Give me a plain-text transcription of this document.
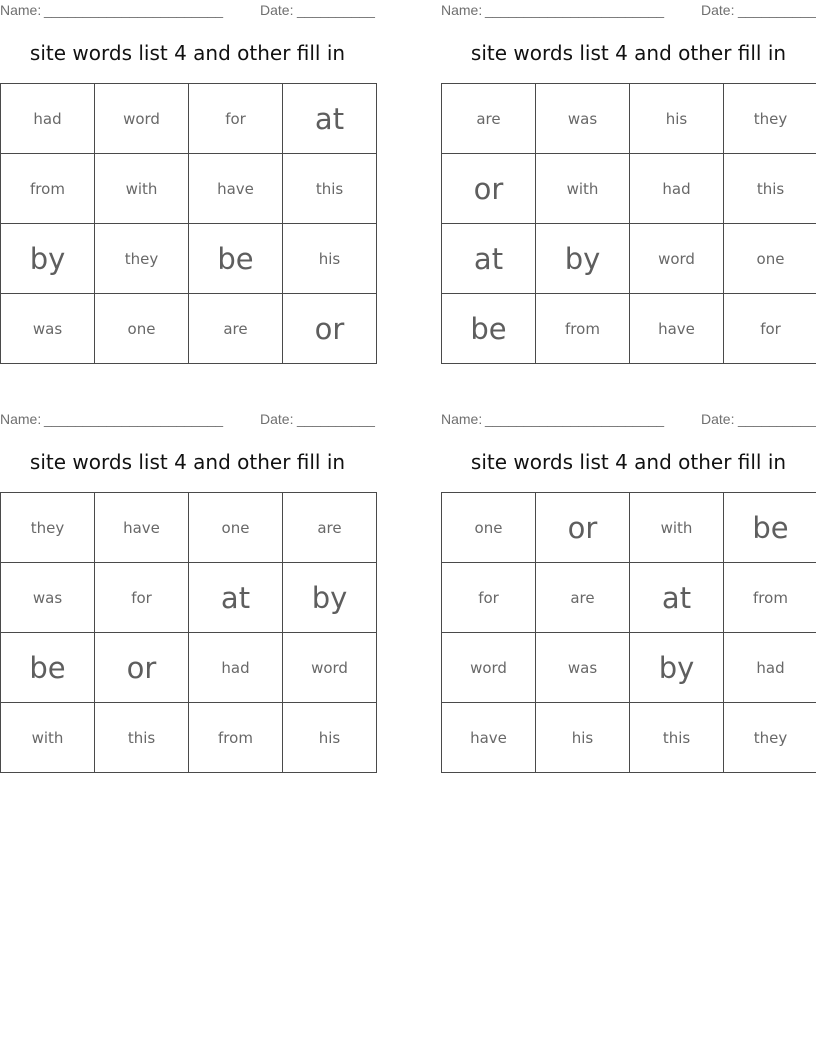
Name: _______________________	Date: __________
site words list 4 and other fill in
had	word	for	at
from	with	have	this
by	they	be	his
was	one	are	or
Name: _______________________	Date: __________
site words list 4 and other fill in
are	was	his	they
or	with	had	this
at	by	word	one
be	from	have	for
Name: _______________________	Date: __________
site words list 4 and other fill in
they	have	one	are
was	for	at	by
be	or	had	word
with	this	from	his
Name: _______________________	Date: __________
site words list 4 and other fill in
one	or	with	be
for	are	at	from
word	was	by	had
have	his	this	they
